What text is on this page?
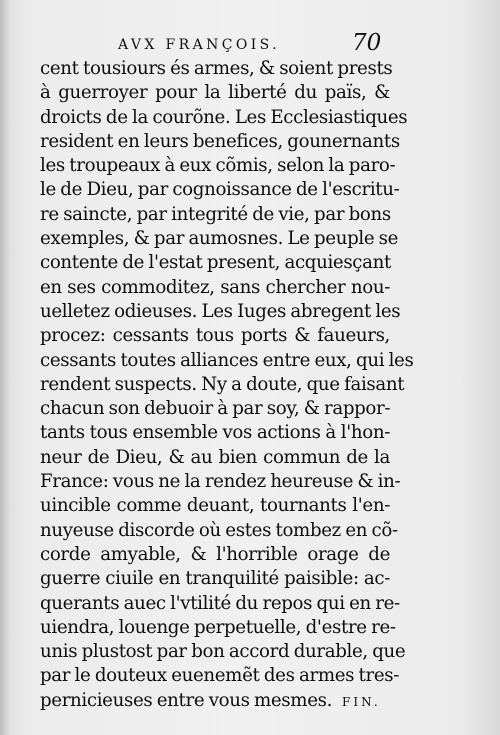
AVX FRANÇOIS.	70
cent tousiours és armes, & soient prests
à guerroyer pour la liberté du païs, &
droicts de la courõne. Les Ecclesiastiques
resident en leurs benefices, gounernants
les troupeaux à eux cõmis, selon la paro-
le de Dieu, par cognoissance de l'escritu-
re saincte, par integrité de vie, par bons
exemples, & par aumosnes. Le peuple se
contente de l'estat present, acquiesçant
en ses commoditez, sans chercher nou-
uelletez odieuses. Les Iuges abregent les
procez: cessants tous ports & faueurs,
cessants toutes alliances entre eux, qui les
rendent suspects. Ny a doute, que faisant
chacun son debuoir à par soy, & rappor-
tants tous ensemble vos actions à l'hon-
neur de Dieu, & au bien commun de la
France: vous ne la rendez heureuse & in-
uincible comme deuant, tournants l'en-
nuyeuse discorde où estes tombez en cõ-
corde amyable, & l'horrible orage de
guerre ciuile en tranquilité paisible: ac-
querants auec l'vtilité du repos qui en re-
uiendra, louenge perpetuelle, d'estre re-
unis plustost par bon accord durable, que
par le douteux euenemẽt des armes tres-
pernicieuses entre vous mesmes. FIN.
